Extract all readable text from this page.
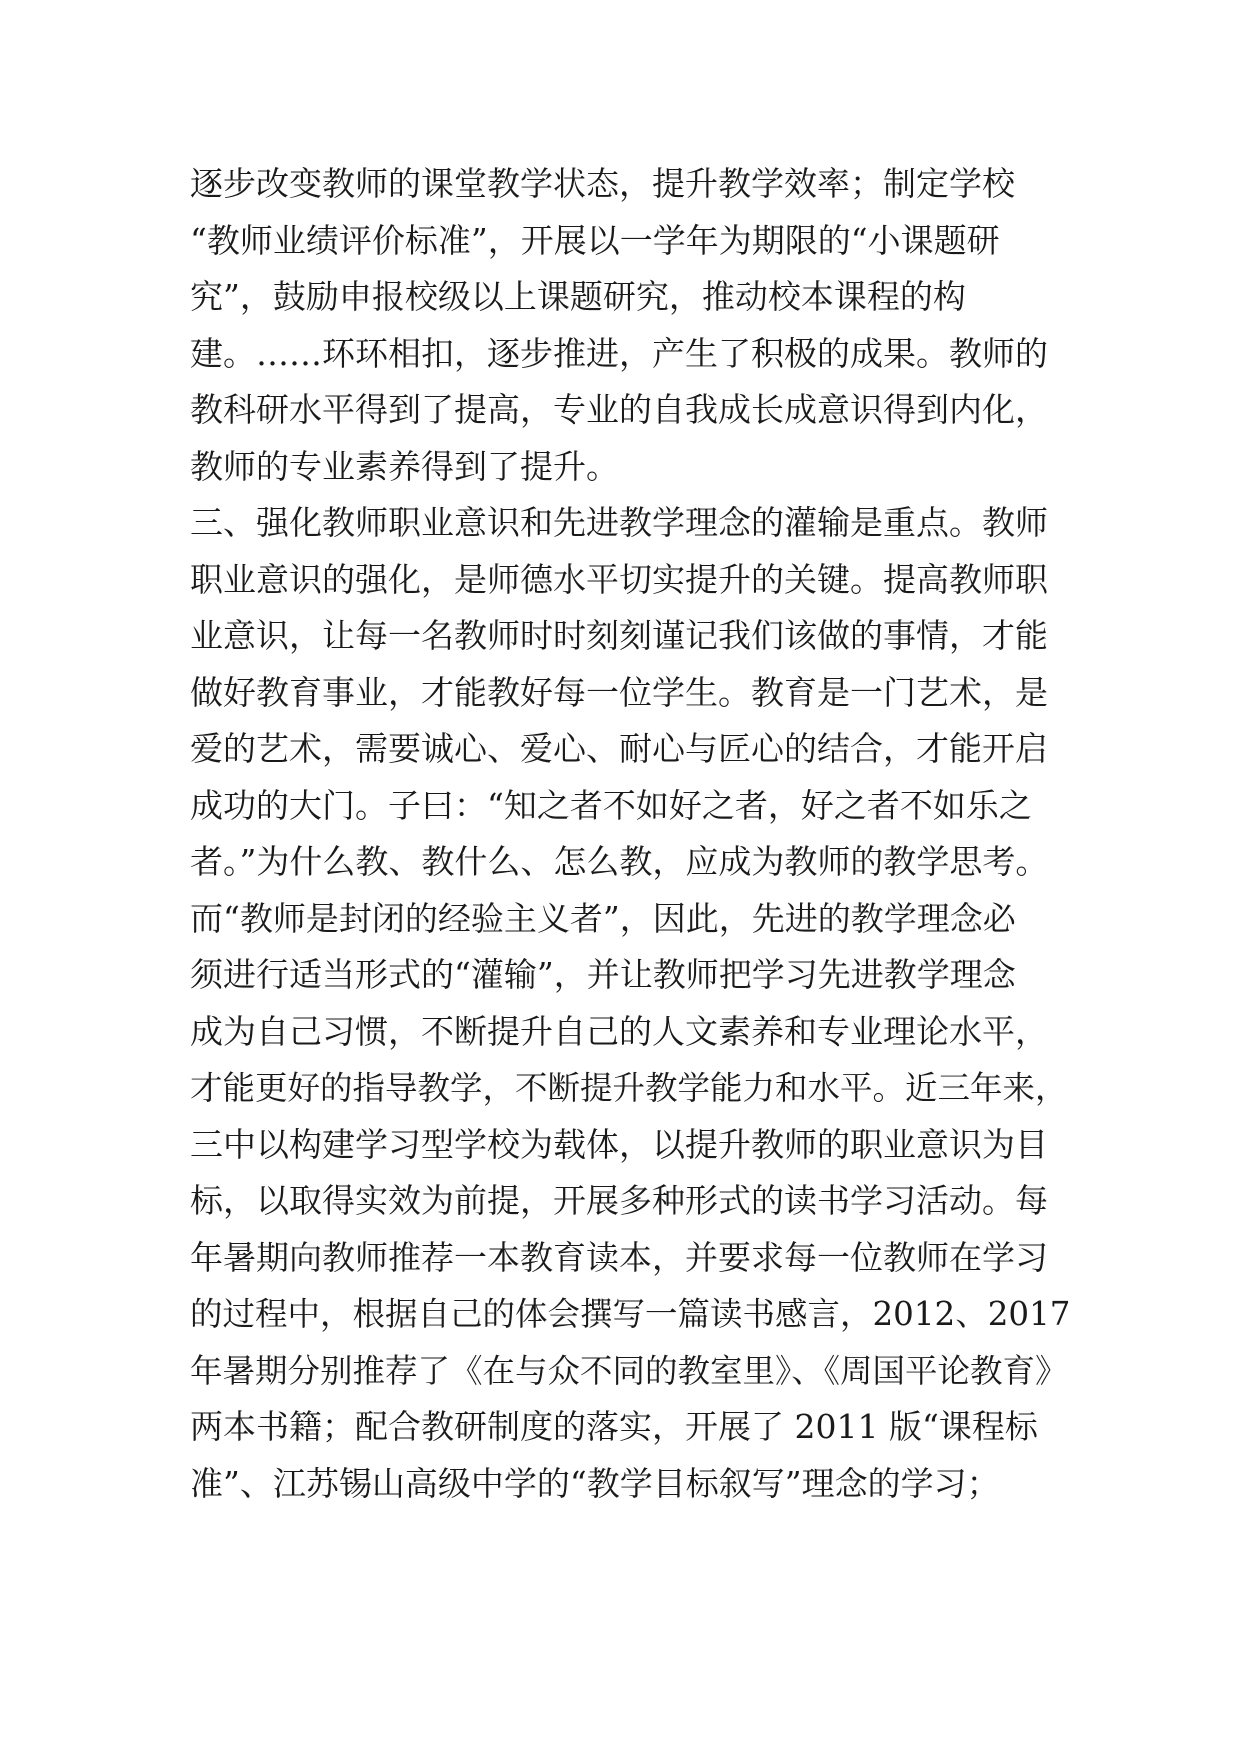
逐步改变教师的课堂教学状态，提升教学效率；制定学校
“教师业绩评价标准”，开展以一学年为期限的“小课题研
究”，鼓励申报校级以上课题研究，推动校本课程的构
建。……环环相扣，逐步推进，产生了积极的成果。教师的
教科研水平得到了提高，专业的自我成长成意识得到内化，
教师的专业素养得到了提升。
三、强化教师职业意识和先进教学理念的灌输是重点。教师
职业意识的强化，是师德水平切实提升的关键。提高教师职
业意识，让每一名教师时时刻刻谨记我们该做的事情，才能
做好教育事业，才能教好每一位学生。教育是一门艺术，是
爱的艺术，需要诚心、爱心、耐心与匠心的结合，才能开启
成功的大门。子曰：“知之者不如好之者，好之者不如乐之
者。”为什么教、教什么、怎么教，应成为教师的教学思考。
而“教师是封闭的经验主义者”，因此，先进的教学理念必
须进行适当形式的“灌输”，并让教师把学习先进教学理念
成为自己习惯，不断提升自己的人文素养和专业理论水平，
才能更好的指导教学，不断提升教学能力和水平。近三年来，
三中以构建学习型学校为载体，以提升教师的职业意识为目
标，以取得实效为前提，开展多种形式的读书学习活动。每
年暑期向教师推荐一本教育读本，并要求每一位教师在学习
的过程中，根据自己的体会撰写一篇读书感言，2012、2017
年暑期分别推荐了《在与众不同的教室里》、《周国平论教育》
两本书籍；配合教研制度的落实，开展了 2011 版“课程标
准”、江苏锡山高级中学的“教学目标叙写”理念的学习；
